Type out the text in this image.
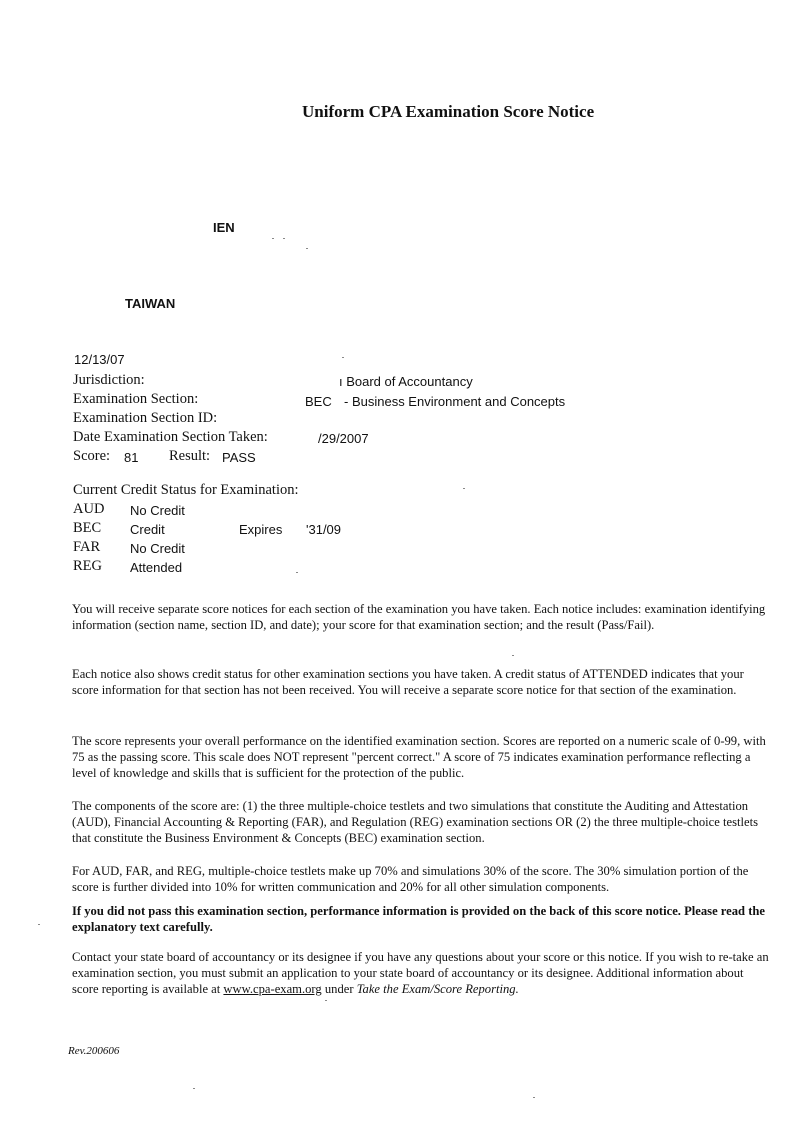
Uniform CPA Examination Score Notice
IEN
TAIWAN
12/13/07
Jurisdiction:	ı Board of Accountancy
Examination Section:	BEC - Business Environment and Concepts
Examination Section ID:
Date Examination Section Taken:	/29/2007
Score: 81 Result: PASS
Current Credit Status for Examination:
AUD No Credit
BEC Credit	Expires '31/09
FAR No Credit
REG Attended
You will receive separate score notices for each section of the examination you have taken. Each notice includes: examination identifying information (section name, section ID, and date); your score for that examination section; and the result (Pass/Fail).
Each notice also shows credit status for other examination sections you have taken. A credit status of ATTENDED indicates that your score information for that section has not been received. You will receive a separate score notice for that section of the examination.
The score represents your overall performance on the identified examination section. Scores are reported on a numeric scale of 0-99, with 75 as the passing score. This scale does NOT represent "percent correct." A score of 75 indicates examination performance reflecting a level of knowledge and skills that is sufficient for the protection of the public.
The components of the score are: (1) the three multiple-choice testlets and two simulations that constitute the Auditing and Attestation (AUD), Financial Accounting & Reporting (FAR), and Regulation (REG) examination sections OR (2) the three multiple-choice testlets that constitute the Business Environment & Concepts (BEC) examination section.
For AUD, FAR, and REG, multiple-choice testlets make up 70% and simulations 30% of the score. The 30% simulation portion of the score is further divided into 10% for written communication and 20% for all other simulation components.
If you did not pass this examination section, performance information is provided on the back of this score notice. Please read the explanatory text carefully.
Contact your state board of accountancy or its designee if you have any questions about your score or this notice. If you wish to re-take an examination section, you must submit an application to your state board of accountancy or its designee. Additional information about score reporting is available at www.cpa-exam.org under Take the Exam/Score Reporting.
Rev.200606
